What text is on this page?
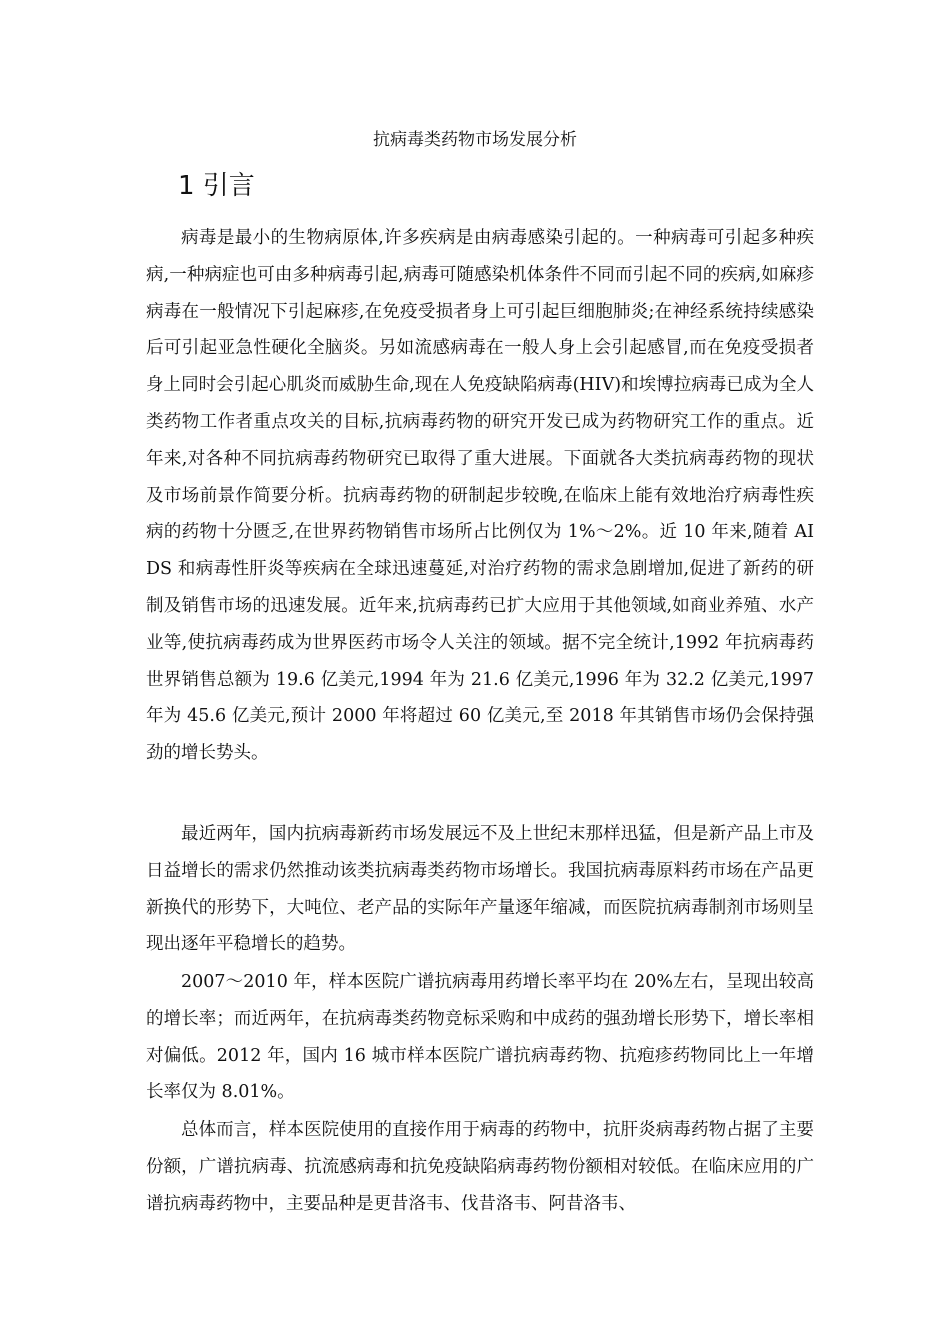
抗病毒类药物市场发展分析
1 引言

病毒是最小的生物病原体,许多疾病是由病毒感染引起的。一种病毒可引起多种疾病,一种病症也可由多种病毒引起,病毒可随感染机体条件不同而引起不同的疾病,如麻疹病毒在一般情况下引起麻疹,在免疫受损者身上可引起巨细胞肺炎;在神经系统持续感染后可引起亚急性硬化全脑炎。另如流感病毒在一般人身上会引起感冒,而在免疫受损者身上同时会引起心肌炎而威胁生命,现在人免疫缺陷病毒(HIV)和埃博拉病毒已成为全人类药物工作者重点攻关的目标,抗病毒药物的研究开发已成为药物研究工作的重点。近年来,对各种不同抗病毒药物研究已取得了重大进展。下面就各大类抗病毒药物的现状及市场前景作简要分析。抗病毒药物的研制起步较晚,在临床上能有效地治疗病毒性疾病的药物十分匮乏,在世界药物销售市场所占比例仅为 1%～2%。近 10 年来,随着 AIDS 和病毒性肝炎等疾病在全球迅速蔓延,对治疗药物的需求急剧增加,促进了新药的研制及销售市场的迅速发展。近年来,抗病毒药已扩大应用于其他领域,如商业养殖、水产业等,使抗病毒药成为世界医药市场令人关注的领域。据不完全统计,1992 年抗病毒药世界销售总额为 19.6 亿美元,1994 年为 21.6 亿美元,1996 年为 32.2 亿美元,1997 年为 45.6 亿美元,预计 2000 年将超过 60 亿美元,至 2018 年其销售市场仍会保持强劲的增长势头。

最近两年，国内抗病毒新药市场发展远不及上世纪末那样迅猛，但是新产品上市及日益增长的需求仍然推动该类抗病毒类药物市场增长。我国抗病毒原料药市场在产品更新换代的形势下，大吨位、老产品的实际年产量逐年缩减，而医院抗病毒制剂市场则呈现出逐年平稳增长的趋势。

2007～2010 年，样本医院广谱抗病毒用药增长率平均在 20%左右，呈现出较高的增长率；而近两年，在抗病毒类药物竞标采购和中成药的强劲增长形势下，增长率相对偏低。2012 年，国内 16 城市样本医院广谱抗病毒药物、抗疱疹药物同比上一年增长率仅为 8.01%。

总体而言，样本医院使用的直接作用于病毒的药物中，抗肝炎病毒药物占据了主要份额，广谱抗病毒、抗流感病毒和抗免疫缺陷病毒药物份额相对较低。在临床应用的广谱抗病毒药物中，主要品种是更昔洛韦、伐昔洛韦、阿昔洛韦、
